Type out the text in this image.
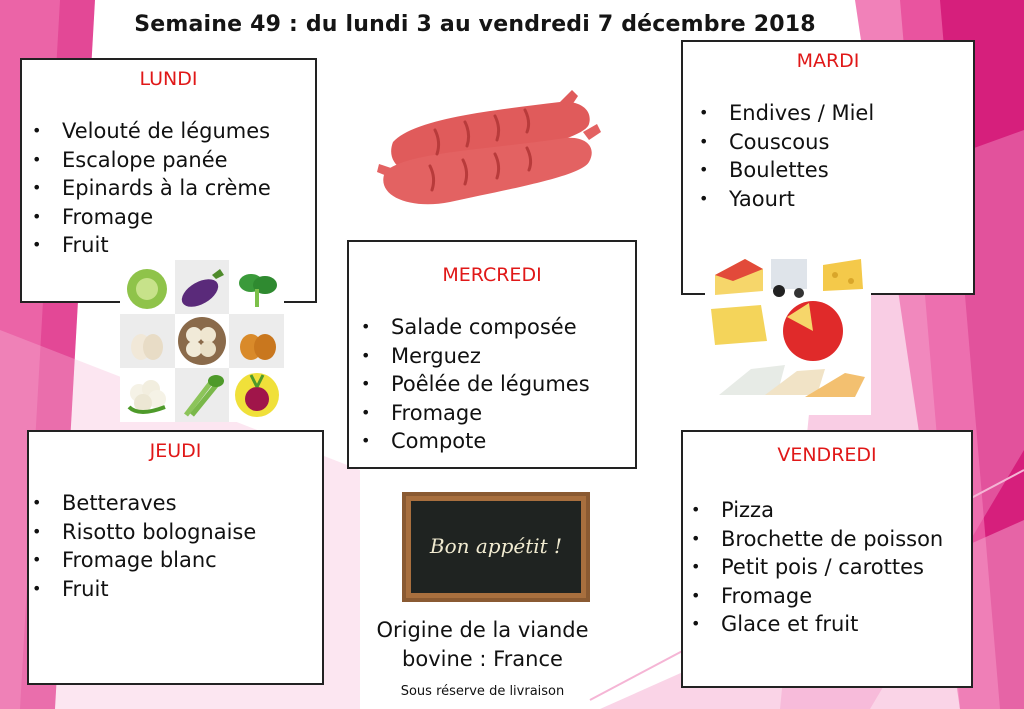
Semaine 49 : du lundi 3 au vendredi 7 décembre 2018
LUNDI
• Velouté de légumes
• Escalope panée
• Epinards à la crème
• Fromage
• Fruit
MARDI
• Endives / Miel
• Couscous
• Boulettes
• Yaourt
MERCREDI
• Salade composée
• Merguez
• Poêlée de légumes
• Fromage
• Compote
JEUDI
• Betteraves
• Risotto bolognaise
• Fromage blanc
• Fruit
VENDREDI
• Pizza
• Brochette de poisson
• Petit pois / carottes
• Fromage
• Glace et fruit
Bon appétit !
Origine de la viande
bovine : France
Sous réserve de livraison
